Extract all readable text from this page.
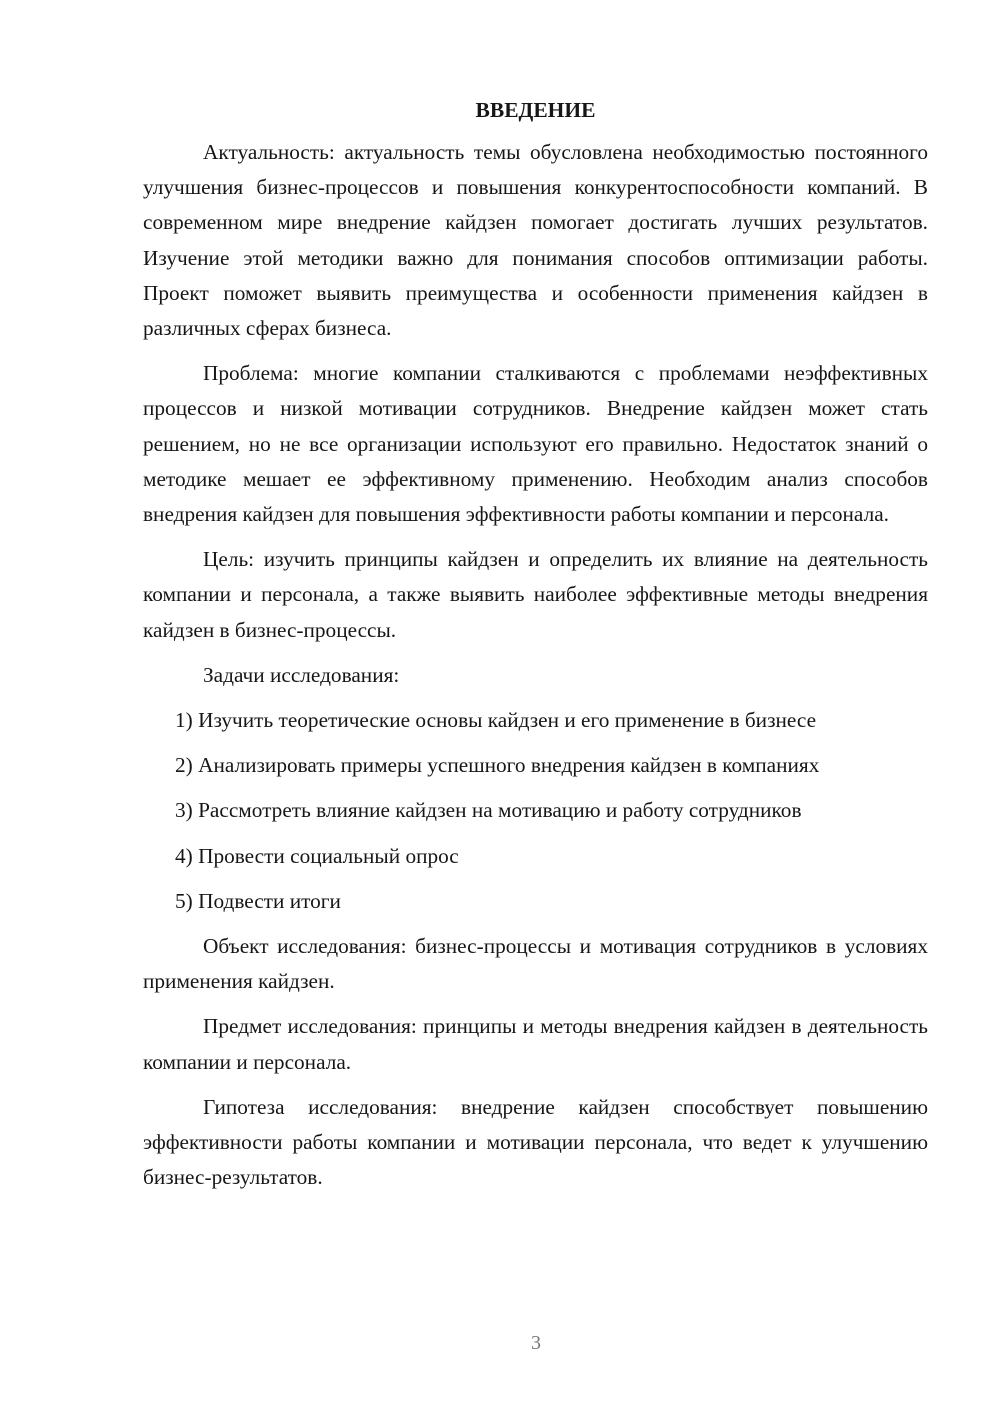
ВВЕДЕНИЕ

Актуальность: актуальность темы обусловлена необходимостью постоянного улучшения бизнес-процессов и повышения конкурентоспособности компаний. В современном мире внедрение кайдзен помогает достигать лучших результатов. Изучение этой методики важно для понимания способов оптимизации работы. Проект поможет выявить преимущества и особенности применения кайдзен в различных сферах бизнеса.

Проблема: многие компании сталкиваются с проблемами неэффективных процессов и низкой мотивации сотрудников. Внедрение кайдзен может стать решением, но не все организации используют его правильно. Недостаток знаний о методике мешает ее эффективному применению. Необходим анализ способов внедрения кайдзен для повышения эффективности работы компании и персонала.

Цель: изучить принципы кайдзен и определить их влияние на деятельность компании и персонала, а также выявить наиболее эффективные методы внедрения кайдзен в бизнес-процессы.

Задачи исследования:

1) Изучить теоретические основы кайдзен и его применение в бизнесе
2) Анализировать примеры успешного внедрения кайдзен в компаниях
3) Рассмотреть влияние кайдзен на мотивацию и работу сотрудников
4) Провести социальный опрос
5) Подвести итоги

Объект исследования: бизнес-процессы и мотивация сотрудников в условиях применения кайдзен.

Предмет исследования: принципы и методы внедрения кайдзен в деятельность компании и персонала.

Гипотеза исследования: внедрение кайдзен способствует повышению эффективности работы компании и мотивации персонала, что ведет к улучшению бизнес-результатов.

3
